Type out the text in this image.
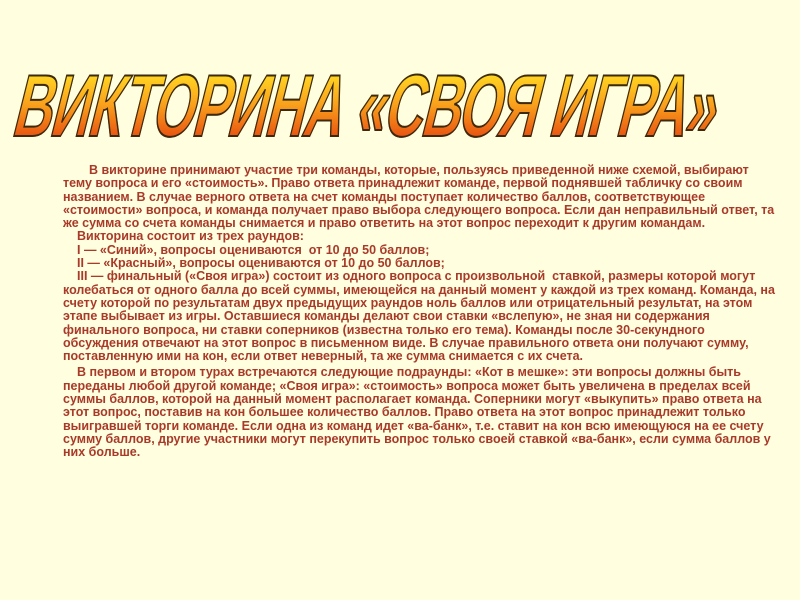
ВИКТОРИНА «СВОЯ ИГРА»

В викторине принимают участие три команды, которые, пользуясь приведенной ниже схемой, выбирают тему вопроса и его «стоимость». Право ответа принадлежит команде, первой поднявшей табличку со своим названием. В случае верного ответа на счет команды поступает количество баллов, соответствующее «стоимости» вопроса, и команда получает право выбора следующего вопроса. Если дан неправильный ответ, та же сумма со счета команды снимается и право ответить на этот вопрос переходит к другим командам.

Викторина состоит из трех раундов:

I — «Синий», вопросы оцениваются  от 10 до 50 баллов;

II — «Красный», вопросы оцениваются от 10 до 50 баллов;

III — финальный («Своя игра») состоит из одного вопроса с произвольной  ставкой, размеры которой могут колебаться от одного балла до всей суммы, имеющейся на данный момент у каждой из трех команд. Команда, на счету которой по результатам двух предыдущих раундов ноль баллов или отрицательный результат, на этом этапе выбывает из игры. Оставшиеся команды делают свои ставки «вслепую», не зная ни содержания финального вопроса, ни ставки соперников (известна только его тема). Команды после 30-секундного обсуждения отвечают на этот вопрос в письменном виде. В случае правильного ответа они получают сумму, поставленную ими на кон, если ответ неверный, та же сумма снимается с их счета.

В первом и втором турах встречаются следующие подраунды: «Кот в мешке»: эти вопросы должны быть переданы любой другой команде; «Своя игра»: «стоимость» вопроса может быть увеличена в пределах всей суммы баллов, которой на данный момент располагает команда. Соперники могут «выкупить» право ответа на этот вопрос, поставив на кон большее количество баллов. Право ответа на этот вопрос принадлежит только выигравшей торги команде. Если одна из команд идет «ва-банк», т.е. ставит на кон всю имеющуюся на ее счету сумму баллов, другие участники могут перекупить вопрос только своей ставкой «ва-банк», если сумма баллов у них больше.
